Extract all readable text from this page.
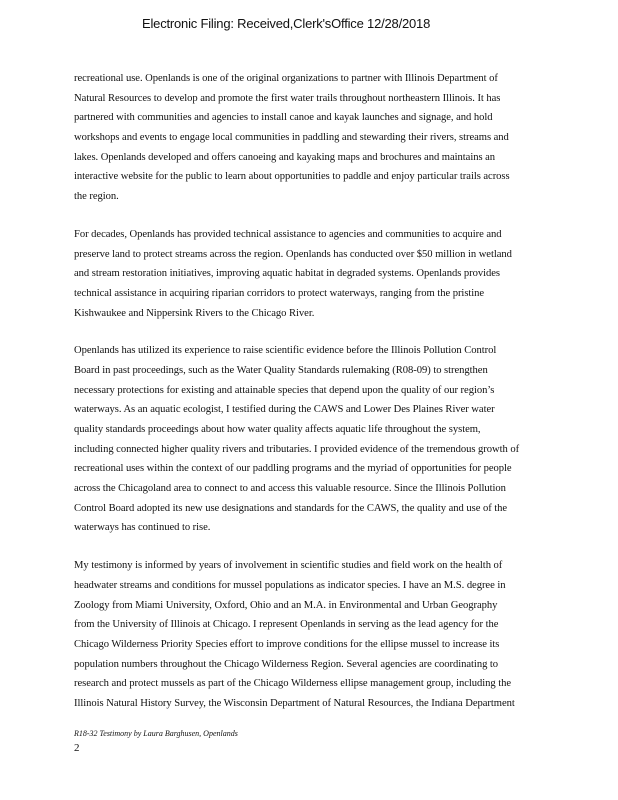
Electronic Filing: Received,Clerk'sOffice 12/28/2018

recreational use. Openlands is one of the original organizations to partner with Illinois Department of
Natural Resources to develop and promote the first water trails throughout northeastern Illinois. It has
partnered with communities and agencies to install canoe and kayak launches and signage, and hold
workshops and events to engage local communities in paddling and stewarding their rivers, streams and
lakes. Openlands developed and offers canoeing and kayaking maps and brochures and maintains an
interactive website for the public to learn about opportunities to paddle and enjoy particular trails across
the region.

For decades, Openlands has provided technical assistance to agencies and communities to acquire and
preserve land to protect streams across the region. Openlands has conducted over $50 million in wetland
and stream restoration initiatives, improving aquatic habitat in degraded systems. Openlands provides
technical assistance in acquiring riparian corridors to protect waterways, ranging from the pristine
Kishwaukee and Nippersink Rivers to the Chicago River.

Openlands has utilized its experience to raise scientific evidence before the Illinois Pollution Control
Board in past proceedings, such as the Water Quality Standards rulemaking (R08-09) to strengthen
necessary protections for existing and attainable species that depend upon the quality of our region’s
waterways. As an aquatic ecologist, I testified during the CAWS and Lower Des Plaines River water
quality standards proceedings about how water quality affects aquatic life throughout the system,
including connected higher quality rivers and tributaries. I provided evidence of the tremendous growth of
recreational uses within the context of our paddling programs and the myriad of opportunities for people
across the Chicagoland area to connect to and access this valuable resource. Since the Illinois Pollution
Control Board adopted its new use designations and standards for the CAWS, the quality and use of the
waterways has continued to rise.

My testimony is informed by years of involvement in scientific studies and field work on the health of
headwater streams and conditions for mussel populations as indicator species. I have an M.S. degree in
Zoology from Miami University, Oxford, Ohio and an M.A. in Environmental and Urban Geography
from the University of Illinois at Chicago. I represent Openlands in serving as the lead agency for the
Chicago Wilderness Priority Species effort to improve conditions for the ellipse mussel to increase its
population numbers throughout the Chicago Wilderness Region. Several agencies are coordinating to
research and protect mussels as part of the Chicago Wilderness ellipse management group, including the
Illinois Natural History Survey, the Wisconsin Department of Natural Resources, the Indiana Department

R18-32 Testimony by Laura Barghusen, Openlands
2
